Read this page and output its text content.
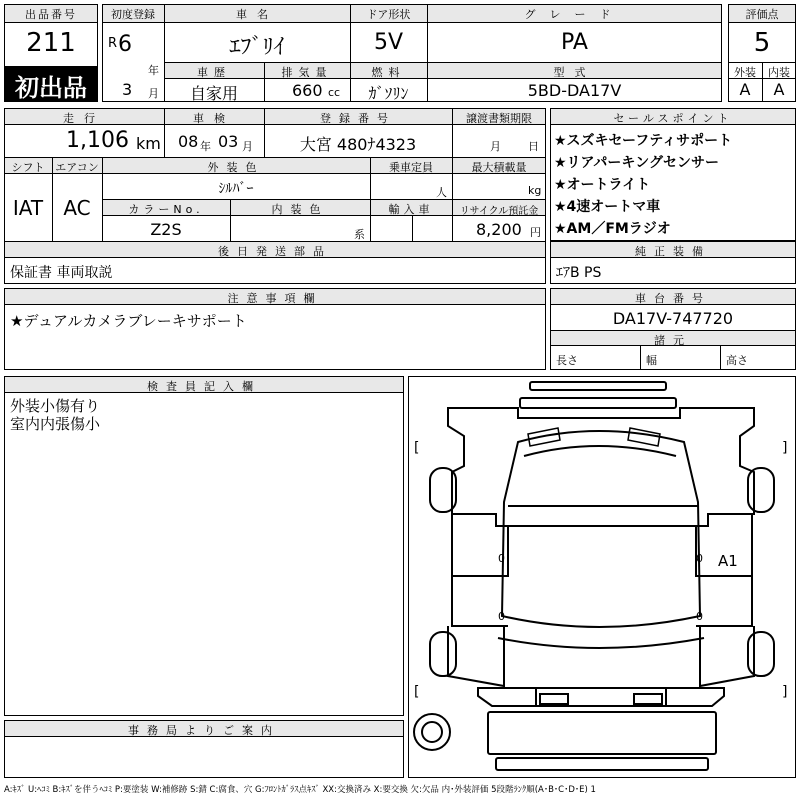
出品番号
211
初出品
初度登録
R 6
年
3 月
車名
ｴﾌﾞﾘｲ
ドア形状
5V
グレード
PA
車歴
自家用
排気量
660 cc
燃料
ｶﾞｿﾘﾝ
型式
5BD-DA17V
評価点
5
外装	内装
A	A
走行
1,106 km
車検
08 年 03 月
登録番号
大宮 480ﾅ4323
譲渡書類期限
月 日
シフト
IAT
エアコン
AC
外装色
ｼﾙﾊﾞｰ
乗車定員
人
最大積載量
kg
カラーNo.
Z2S
内装色
系
輸入車	リサイクル預託金
8,200 円
後日発送部品
保証書 車両取説
セールスポイント
★スズキセーフティサポート
★リアパーキングセンサー
★オートライト
★4速オートマ車
★AM／FMラジオ
純正装備
ｴｱB PS
注意事項欄
★デュアルカメラブレーキサポート
車台番号
DA17V-747720
諸元
長さ	幅	高さ
検査員記入欄
外装小傷有り
室内内張傷小
事務局よりご案内
[	]
[	]
0	0
0	0
A1
A:ｷｽﾞ U:ﾍｺﾐ B:ｷｽﾞを伴うﾍｺﾐ P:要塗装 W:補修跡 S:錆 C:腐食、穴 G:ﾌﾛﾝﾄｶﾞﾗｽ点ｷｽﾞ XX:交換済み X:要交換 欠:欠品 内･外装評価 5段階ﾗﾝｸ順(A･B･C･D･E) 1
